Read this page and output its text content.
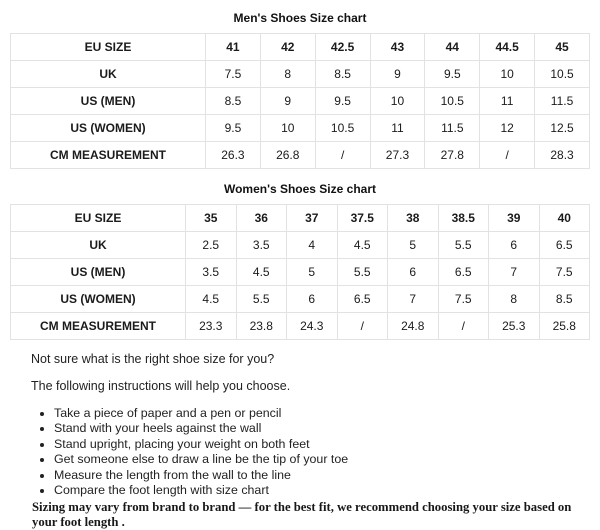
Men's Shoes Size chart
EU SIZE	41	42	42.5	43	44	44.5	45
UK	7.5	8	8.5	9	9.5	10	10.5
US (MEN)	8.5	9	9.5	10	10.5	11	11.5
US (WOMEN)	9.5	10	10.5	11	11.5	12	12.5
CM MEASUREMENT	26.3	26.8	/	27.3	27.8	/	28.3
Women's Shoes Size chart
EU SIZE	35	36	37	37.5	38	38.5	39	40
UK	2.5	3.5	4	4.5	5	5.5	6	6.5
US (MEN)	3.5	4.5	5	5.5	6	6.5	7	7.5
US (WOMEN)	4.5	5.5	6	6.5	7	7.5	8	8.5
CM MEASUREMENT	23.3	23.8	24.3	/	24.8	/	25.3	25.8

Not sure what is the right shoe size for you?

The following instructions will help you choose.

• Take a piece of paper and a pen or pencil
• Stand with your heels against the wall
• Stand upright, placing your weight on both feet
• Get someone else to draw a line be the tip of your toe
• Measure the length from the wall to the line
• Compare the foot length with size chart

Sizing may vary from brand to brand — for the best fit, we recommend choosing your size based on your foot length .
